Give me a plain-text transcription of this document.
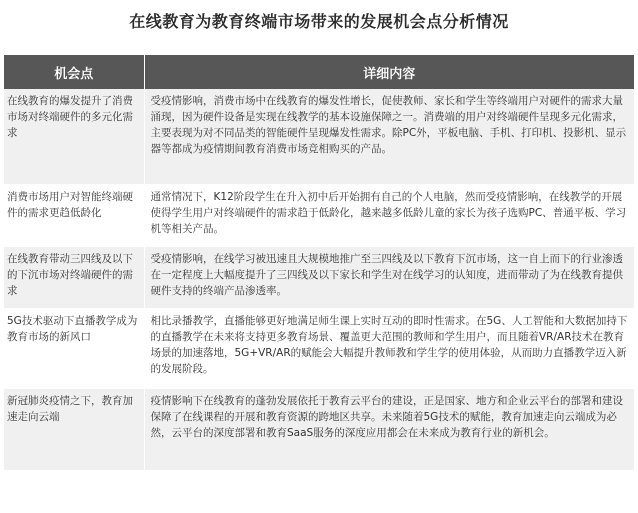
在线教育为教育终端市场带来的发展机会点分析情况
机会点	详细内容
在线教育的爆发提升了消费市场对终端硬件的多元化需求	受疫情影响，消费市场中在线教育的爆发性增长，促使教师、家长和学生等终端用户对硬件的需求大量涌现，因为硬件设备是实现在线教学的基本设施保障之一。消费端的用户对终端硬件呈现多元化需求，主要表现为对不同品类的智能硬件呈现爆发性需求。除PC外，平板电脑、手机、打印机、投影机、显示器等都成为疫情期间教育消费市场竞相购买的产品。
消费市场用户对智能终端硬件的需求更趋低龄化	通常情况下，K12阶段学生在升入初中后开始拥有自己的个人电脑，然而受疫情影响，在线教学的开展使得学生用户对终端硬件的需求趋于低龄化，越来越多低龄儿童的家长为孩子选购PC、普通平板、学习机等相关产品。
在线教育带动三四线及以下的下沉市场对终端硬件的需求	受疫情影响，在线学习被迅速且大规模地推广至三四线及以下教育下沉市场，这一自上而下的行业渗透在一定程度上大幅度提升了三四线及以下家长和学生对在线学习的认知度，进而带动了为在线教育提供硬件支持的终端产品渗透率。
5G技术驱动下直播教学成为教育市场的新风口	相比录播教学，直播能够更好地满足师生课上实时互动的即时性需求。在5G、人工智能和大数据加持下的直播教学在未来将支持更多教育场景、覆盖更大范围的教师和学生用户，而且随着VR/AR技术在教育场景的加速落地，5G+VR/AR的赋能会大幅提升教师教和学生学的使用体验，从而助力直播教学迈入新的发展阶段。
新冠肺炎疫情之下，教育加速走向云端	疫情影响下在线教育的蓬勃发展依托于教育云平台的建设，正是国家、地方和企业云平台的部署和建设保障了在线课程的开展和教育资源的跨地区共享。未来随着5G技术的赋能，教育加速走向云端成为必然，云平台的深度部署和教育SaaS服务的深度应用都会在未来成为教育行业的新机会。
